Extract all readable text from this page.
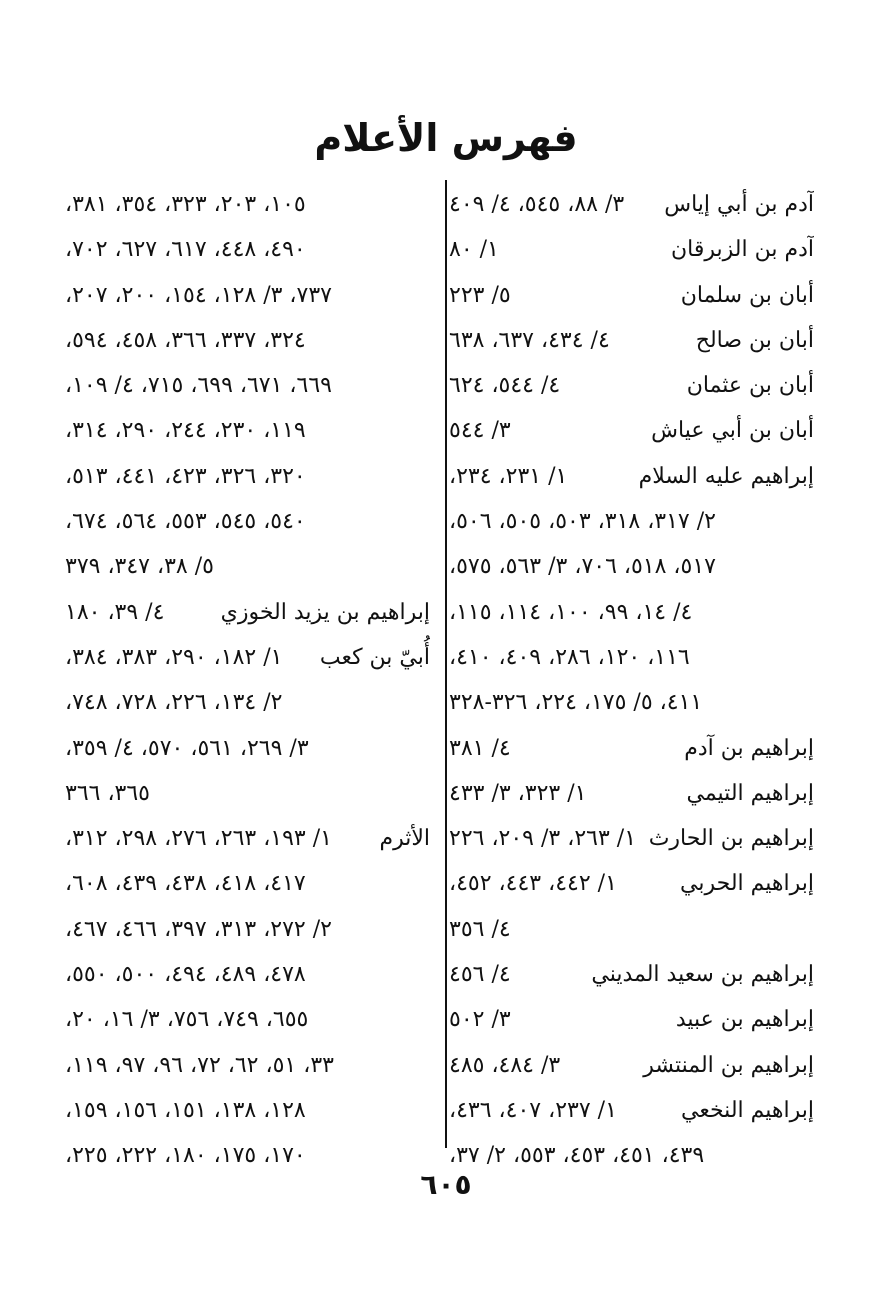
فهرس الأعلام
آدم بن أبي إياس
٣/ ٨٨، ٥٤٥، ٤/ ٤٠٩
آدم بن الزبرقان
١/ ٨٠
أبان بن سلمان
٥/ ٢٢٣
أبان بن صالح
٤/ ٤٣٤، ٦٣٧، ٦٣٨
أبان بن عثمان
٤/ ٥٤٤، ٦٢٤
أبان بن أبي عياش
٣/ ٥٤٤
إبراهيم عليه السلام
١/ ٢٣١، ٢٣٤،
٢/ ٣١٧، ٣١٨، ٥٠٣، ٥٠٥، ٥٠٦،
٥١٧، ٥١٨، ٧٠٦، ٣/ ٥٦٣، ٥٧٥،
٤/ ١٤، ٩٩، ١٠٠، ١١٤، ١١٥،
١١٦، ١٢٠، ٢٨٦، ٤٠٩، ٤١٠،
٤١١، ٥/ ١٧٥، ٢٢٤، ٣٢٦-٣٢٨
إبراهيم بن آدم
٤/ ٣٨١
إبراهيم التيمي
١/ ٣٢٣، ٣/ ٤٣٣
إبراهيم بن الحارث
١/ ٢٦٣، ٣/ ٢٠٩، ٢٢٦
إبراهيم الحربي
١/ ٤٤٢، ٤٤٣، ٤٥٢،
٤/ ٣٥٦
إبراهيم بن سعيد المديني
٤/ ٤٥٦
إبراهيم بن عبيد
٣/ ٥٠٢
إبراهيم بن المنتشر
٣/ ٤٨٤، ٤٨٥
إبراهيم النخعي
١/ ٢٣٧، ٤٠٧، ٤٣٦،
٤٣٩، ٤٥١، ٤٥٣، ٥٥٣، ٢/ ٣٧،
١٠٥، ٢٠٣، ٣٢٣، ٣٥٤، ٣٨١،
٤٩٠، ٤٤٨، ٦١٧، ٦٢٧، ٧٠٢،
٧٣٧، ٣/ ١٢٨، ١٥٤، ٢٠٠، ٢٠٧،
٣٢٤، ٣٣٧، ٣٦٦، ٤٥٨، ٥٩٤،
٦٦٩، ٦٧١، ٦٩٩، ٧١٥، ٤/ ١٠٩،
١١٩، ٢٣٠، ٢٤٤، ٢٩٠، ٣١٤،
٣٢٠، ٣٢٦، ٤٢٣، ٤٤١، ٥١٣،
٥٤٠، ٥٤٥، ٥٥٣، ٥٦٤، ٦٧٤،
٥/ ٣٨، ٣٤٧، ٣٧٩
إبراهيم بن يزيد الخوزي
٤/ ٣٩، ١٨٠
أُبيّ بن كعب
١/ ١٨٢، ٢٩٠، ٣٨٣، ٣٨٤،
٢/ ١٣٤، ٢٢٦، ٧٢٨، ٧٤٨،
٣/ ٢٦٩، ٥٦١، ٥٧٠، ٤/ ٣٥٩،
٣٦٥، ٣٦٦
الأثرم
١/ ١٩٣، ٢٦٣، ٢٧٦، ٢٩٨، ٣١٢،
٤١٧، ٤١٨، ٤٣٨، ٤٣٩، ٦٠٨،
٢/ ٢٧٢، ٣١٣، ٣٩٧، ٤٦٦، ٤٦٧،
٤٧٨، ٤٨٩، ٤٩٤، ٥٠٠، ٥٥٠،
٦٥٥، ٧٤٩، ٧٥٦، ٣/ ١٦، ٢٠،
٣٣، ٥١، ٦٢، ٧٢، ٩٦، ٩٧، ١١٩،
١٢٨، ١٣٨، ١٥١، ١٥٦، ١٥٩،
١٧٠، ١٧٥، ١٨٠، ٢٢٢، ٢٢٥،
٦٠٥
